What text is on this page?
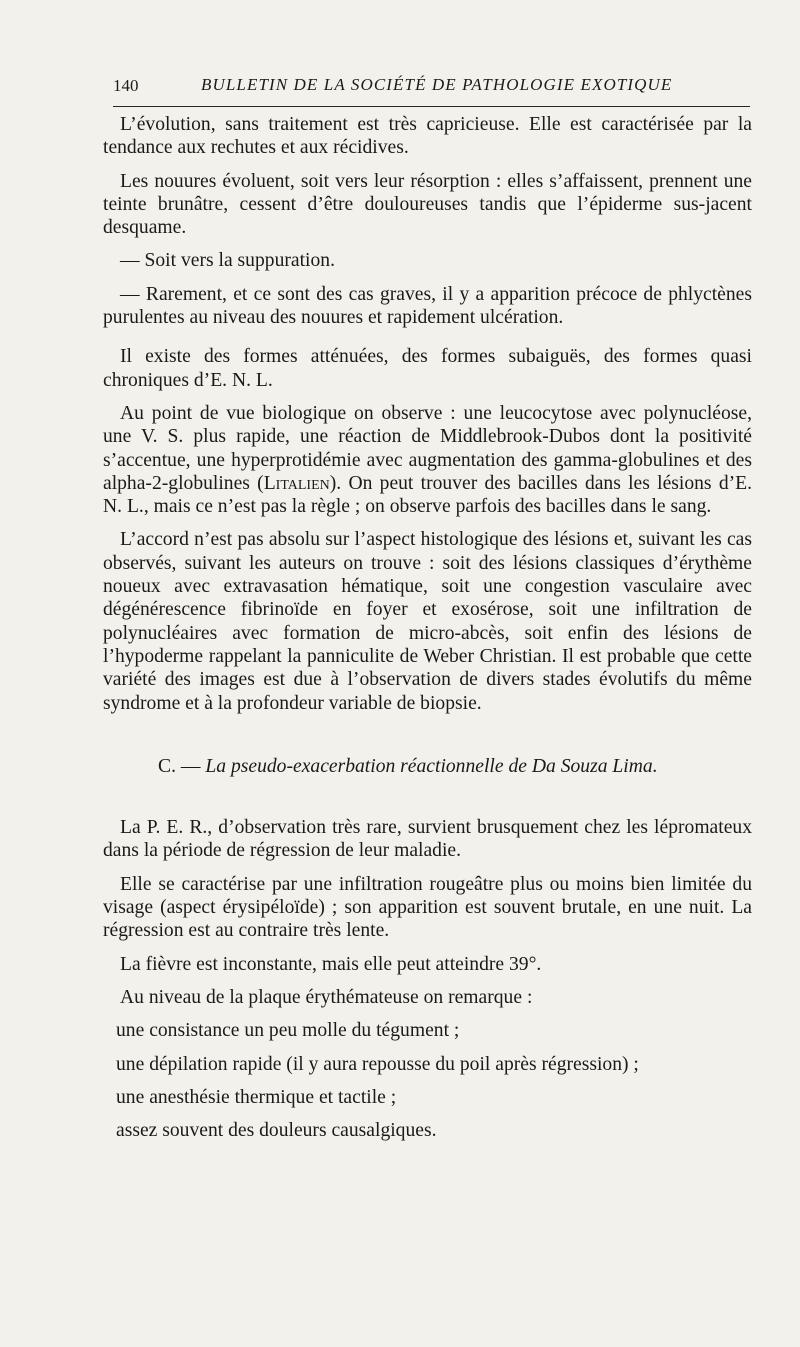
140	BULLETIN DE LA SOCIÉTÉ DE PATHOLOGIE EXOTIQUE

L’évolution, sans traitement est très capricieuse. Elle est caractérisée par la tendance aux rechutes et aux récidives.

Les nouures évoluent, soit vers leur résorption : elles s’affaissent, prennent une teinte brunâtre, cessent d’être douloureuses tandis que l’épiderme sus-jacent desquame.

— Soit vers la suppuration.

— Rarement, et ce sont des cas graves, il y a apparition précoce de phlyctènes purulentes au niveau des nouures et rapidement ulcération.

Il existe des formes atténuées, des formes subaiguës, des formes quasi chroniques d’E. N. L.

Au point de vue biologique on observe : une leucocytose avec polynucléose, une V. S. plus rapide, une réaction de Middlebrook-Dubos dont la positivité s’accentue, une hyperprotidémie avec augmentation des gamma-globulines et des alpha-2-globulines (Litalien). On peut trouver des bacilles dans les lésions d’E. N. L., mais ce n’est pas la règle ; on observe parfois des bacilles dans le sang.

L’accord n’est pas absolu sur l’aspect histologique des lésions et, suivant les cas observés, suivant les auteurs on trouve : soit des lésions classiques d’érythème noueux avec extravasation hématique, soit une congestion vasculaire avec dégénérescence fibrinoïde en foyer et exosérose, soit une infiltration de polynucléaires avec formation de micro-abcès, soit enfin des lésions de l’hypoderme rappelant la panniculite de Weber Christian. Il est probable que cette variété des images est due à l’observation de divers stades évolutifs du même syndrome et à la profondeur variable de biopsie.

C. — La pseudo-exacerbation réactionnelle de Da Souza Lima.

La P. E. R., d’observation très rare, survient brusquement chez les lépromateux dans la période de régression de leur maladie.

Elle se caractérise par une infiltration rougeâtre plus ou moins bien limitée du visage (aspect érysipéloïde) ; son apparition est souvent brutale, en une nuit. La régression est au contraire très lente.

La fièvre est inconstante, mais elle peut atteindre 39°.

Au niveau de la plaque érythémateuse on remarque :

une consistance un peu molle du tégument ;

une dépilation rapide (il y aura repousse du poil après régression) ;

une anesthésie thermique et tactile ;

assez souvent des douleurs causalgiques.
